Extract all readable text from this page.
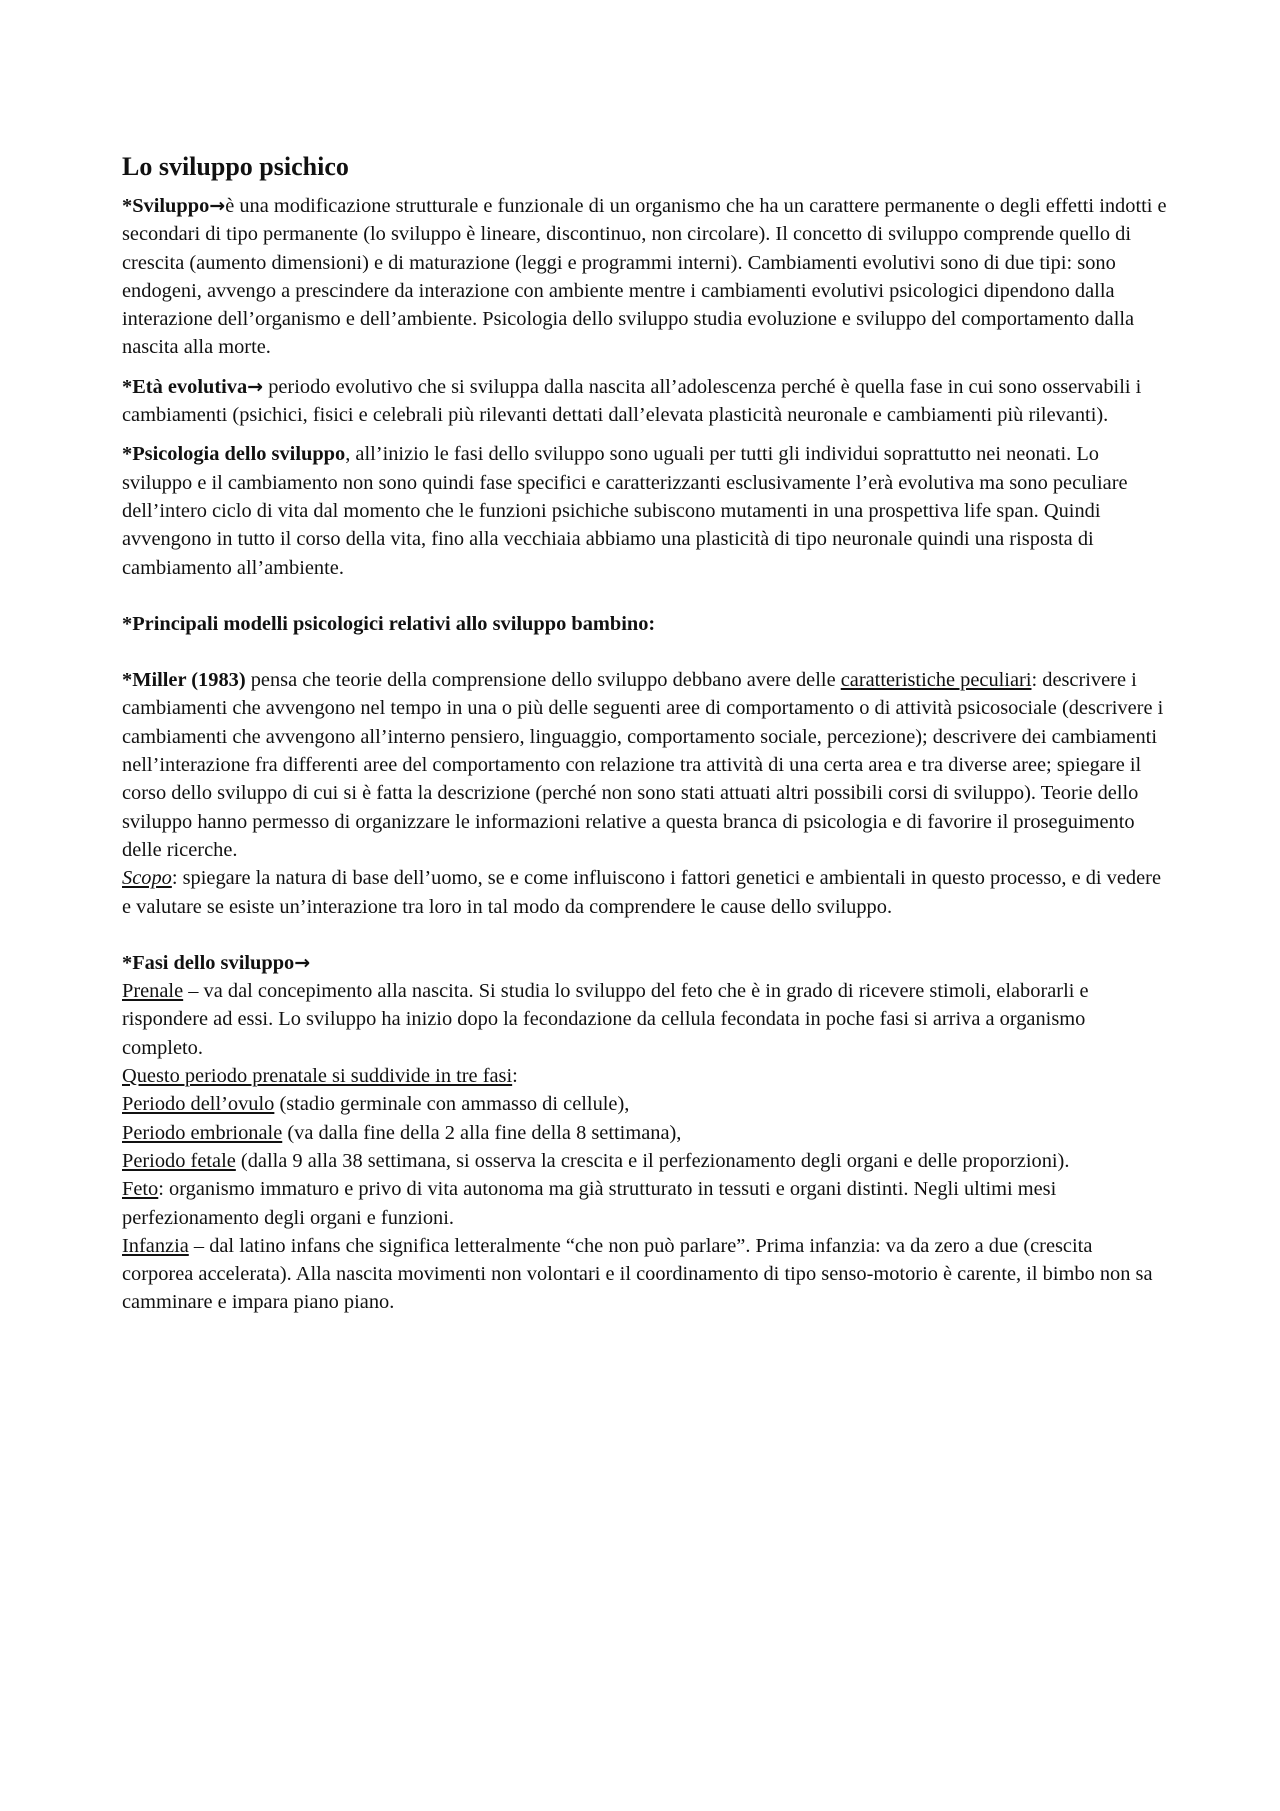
Lo sviluppo psichico

*Sviluppo→è una modificazione strutturale e funzionale di un organismo che ha un carattere permanente o degli effetti indotti e secondari di tipo permanente (lo sviluppo è lineare, discontinuo, non circolare). Il concetto di sviluppo comprende quello di crescita (aumento dimensioni) e di maturazione (leggi e programmi interni). Cambiamenti evolutivi sono di due tipi: sono endogeni, avvengo a prescindere da interazione con ambiente mentre i cambiamenti evolutivi psicologici dipendono dalla interazione dell’organismo e dell’ambiente. Psicologia dello sviluppo studia evoluzione e sviluppo del comportamento dalla nascita alla morte.

*Età evolutiva→ periodo evolutivo che si sviluppa dalla nascita all’adolescenza perché è quella fase in cui sono osservabili i cambiamenti (psichici, fisici e celebrali più rilevanti dettati dall’elevata plasticità neuronale e cambiamenti più rilevanti).

*Psicologia dello sviluppo, all’inizio le fasi dello sviluppo sono uguali per tutti gli individui soprattutto nei neonati. Lo sviluppo e il cambiamento non sono quindi fase specifici e caratterizzanti esclusivamente l’erà evolutiva ma sono peculiare dell’intero ciclo di vita dal momento che le funzioni psichiche subiscono mutamenti in una prospettiva life span. Quindi avvengono in tutto il corso della vita, fino alla vecchiaia abbiamo una plasticità di tipo neuronale quindi una risposta di cambiamento all’ambiente.

*Principali modelli psicologici relativi allo sviluppo bambino:

*Miller (1983) pensa che teorie della comprensione dello sviluppo debbano avere delle caratteristiche peculiari: descrivere i cambiamenti che avvengono nel tempo in una o più delle seguenti aree di comportamento o di attività psicosociale (descrivere i cambiamenti che avvengono all’interno pensiero, linguaggio, comportamento sociale, percezione); descrivere dei cambiamenti nell’interazione fra differenti aree del comportamento con relazione tra attività di una certa area e tra diverse aree; spiegare il corso dello sviluppo di cui si è fatta la descrizione (perché non sono stati attuati altri possibili corsi di sviluppo). Teorie dello sviluppo hanno permesso di organizzare le informazioni relative a questa branca di psicologia e di favorire il proseguimento delle ricerche.

Scopo: spiegare la natura di base dell’uomo, se e come influiscono i fattori genetici e ambientali in questo processo, e di vedere e valutare se esiste un’interazione tra loro in tal modo da comprendere le cause dello sviluppo.

*Fasi dello sviluppo→

Prenale – va dal concepimento alla nascita. Si studia lo sviluppo del feto che è in grado di ricevere stimoli, elaborarli e rispondere ad essi. Lo sviluppo ha inizio dopo la fecondazione da cellula fecondata in poche fasi si arriva a organismo completo.

Questo periodo prenatale si suddivide in tre fasi:

Periodo dell’ovulo (stadio germinale con ammasso di cellule),

Periodo embrionale (va dalla fine della 2 alla fine della 8 settimana),

Periodo fetale (dalla 9 alla 38 settimana, si osserva la crescita e il perfezionamento degli organi e delle proporzioni).

Feto: organismo immaturo e privo di vita autonoma ma già strutturato in tessuti e organi distinti. Negli ultimi mesi perfezionamento degli organi e funzioni.

Infanzia – dal latino infans che significa letteralmente “che non può parlare”. Prima infanzia: va da zero a due (crescita corporea accelerata). Alla nascita movimenti non volontari e il coordinamento di tipo senso-motorio è carente, il bimbo non sa camminare e impara piano piano.
